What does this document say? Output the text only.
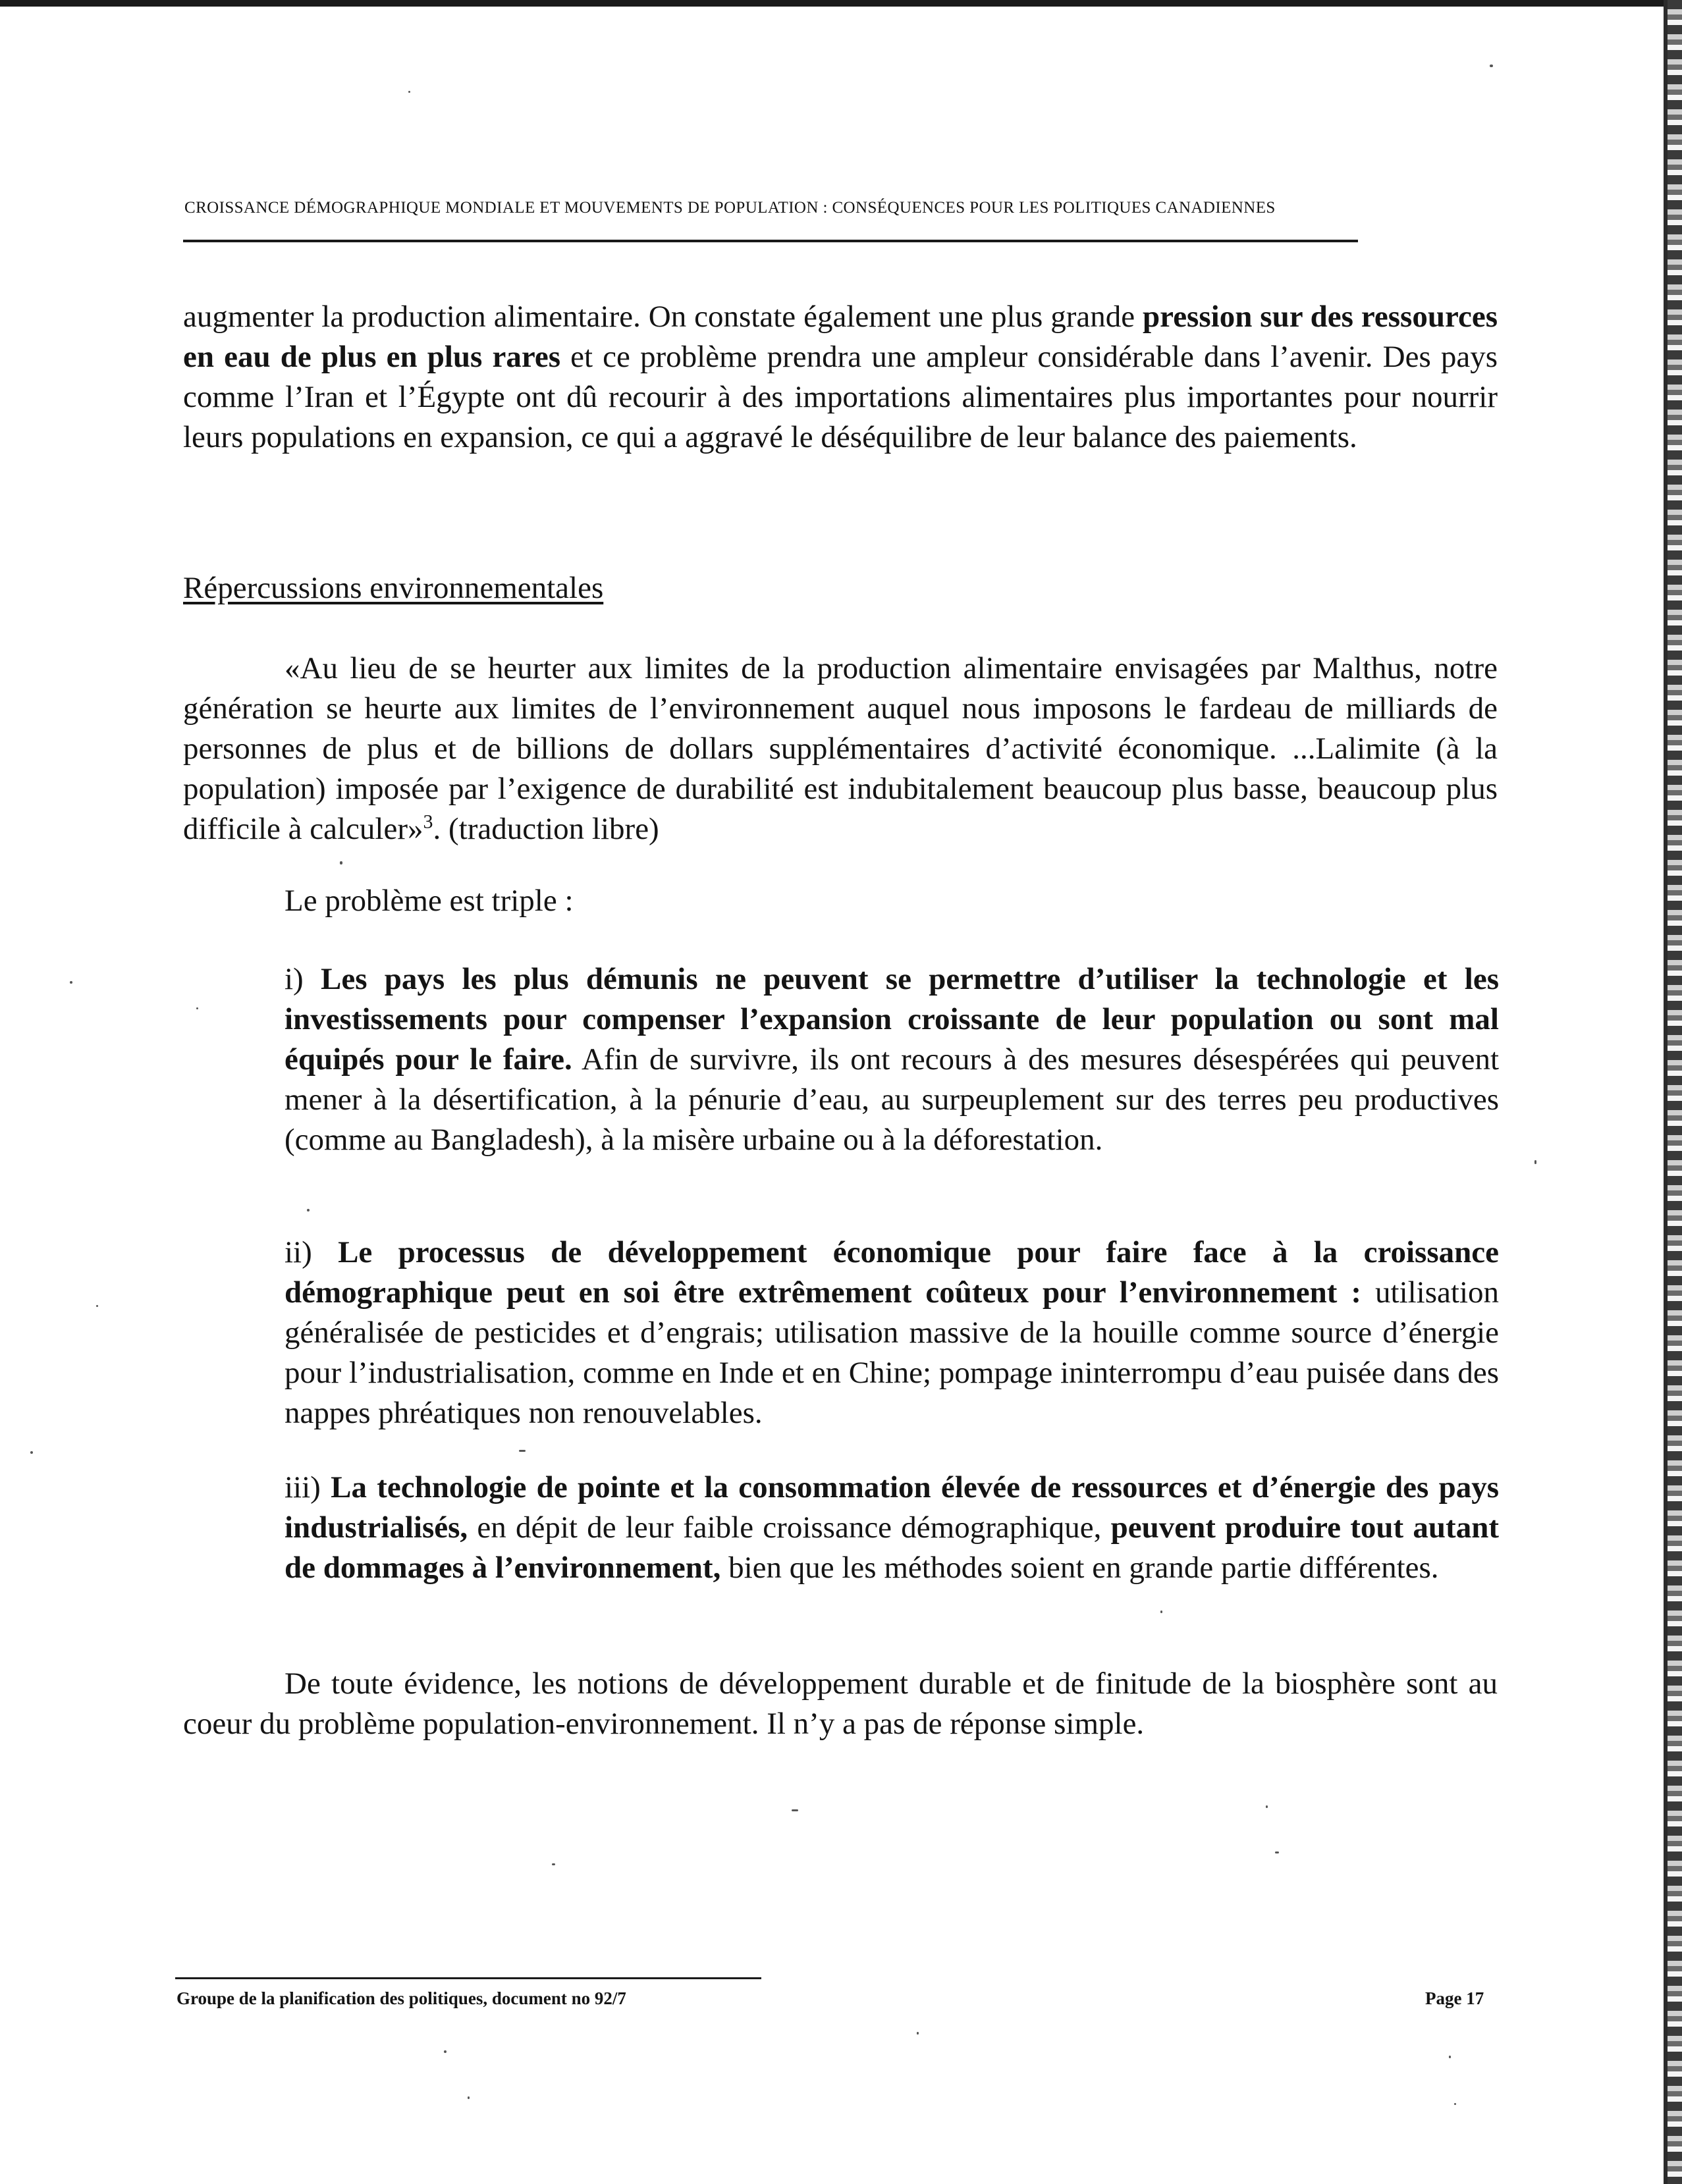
CROISSANCE DÉMOGRAPHIQUE MONDIALE ET MOUVEMENTS DE POPULATION : CONSÉQUENCES POUR LES POLITIQUES CANADIENNES

augmenter la production alimentaire. On constate également une plus grande pression sur des ressources en eau de plus en plus rares et ce problème prendra une ampleur considérable dans l’avenir. Des pays comme l’Iran et l’Égypte ont dû recourir à des importations alimentaires plus importantes pour nourrir leurs populations en expansion, ce qui a aggravé le déséquilibre de leur balance des paiements.

Répercussions environnementales

«Au lieu de se heurter aux limites de la production alimentaire envisagées par Malthus, notre génération se heurte aux limites de l’environnement auquel nous imposons le fardeau de milliards de personnes de plus et de billions de dollars supplémentaires d’activité économique. ...Lalimite (à la population) imposée par l’exigence de durabilité est indubitalement beaucoup plus basse, beaucoup plus difficile à calculer»$^3$. (traduction libre)

Le problème est triple :

i) Les pays les plus démunis ne peuvent se permettre d’utiliser la technologie et les investissements pour compenser l’expansion croissante de leur population ou sont mal équipés pour le faire. Afin de survivre, ils ont recours à des mesures désespérées qui peuvent mener à la désertification, à la pénurie d’eau, au surpeuplement sur des terres peu productives (comme au Bangladesh), à la misère urbaine ou à la déforestation.

ii) Le processus de développement économique pour faire face à la croissance démographique peut en soi être extrêmement coûteux pour l’environnement : utilisation généralisée de pesticides et d’engrais; utilisation massive de la houille comme source d’énergie pour l’industrialisation, comme en Inde et en Chine; pompage ininterrompu d’eau puisée dans des nappes phréatiques non renouvelables.

iii) La technologie de pointe et la consommation élevée de ressources et d’énergie des pays industrialisés, en dépit de leur faible croissance démographique, peuvent produire tout autant de dommages à l’environnement, bien que les méthodes soient en grande partie différentes.

De toute évidence, les notions de développement durable et de finitude de la biosphère sont au coeur du problème population-environnement. Il n’y a pas de réponse simple.

Groupe de la planification des politiques, document no 92/7	Page 17
